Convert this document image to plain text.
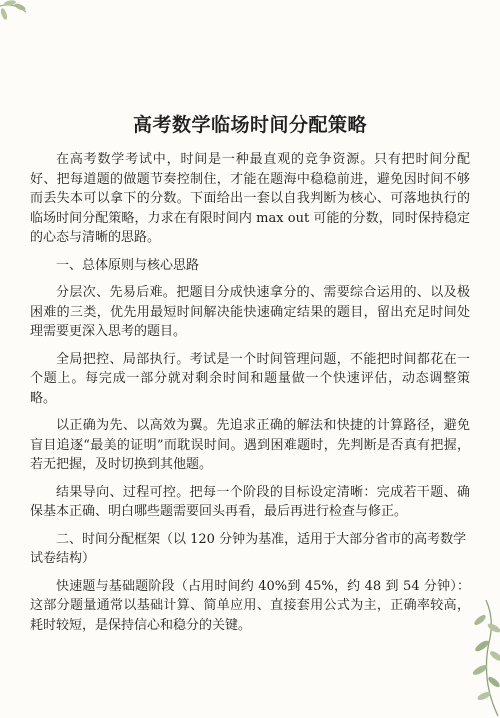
高考数学临场时间分配策略

在高考数学考试中，时间是一种最直观的竞争资源。只有把时间分配好、把每道题的做题节奏控制住，才能在题海中稳稳前进，避免因时间不够而丢失本可以拿下的分数。下面给出一套以自我判断为核心、可落地执行的临场时间分配策略，力求在有限时间内 max out 可能的分数，同时保持稳定的心态与清晰的思路。

一、总体原则与核心思路

分层次、先易后难。把题目分成快速拿分的、需要综合运用的、以及极困难的三类，优先用最短时间解决能快速确定结果的题目，留出充足时间处理需要更深入思考的题目。

全局把控、局部执行。考试是一个时间管理问题，不能把时间都花在一个题上。每完成一部分就对剩余时间和题量做一个快速评估，动态调整策略。

以正确为先、以高效为翼。先追求正确的解法和快捷的计算路径，避免盲目追逐“最美的证明”而耽误时间。遇到困难题时，先判断是否真有把握，若无把握，及时切换到其他题。

结果导向、过程可控。把每一个阶段的目标设定清晰：完成若干题、确保基本正确、明白哪些题需要回头再看，最后再进行检查与修正。

二、时间分配框架（以 120 分钟为基准，适用于大部分省市的高考数学试卷结构）

快速题与基础题阶段（占用时间约 40%到 45%，约 48 到 54 分钟）：这部分题量通常以基础计算、简单应用、直接套用公式为主，正确率较高，耗时较短，是保持信心和稳分的关键。
